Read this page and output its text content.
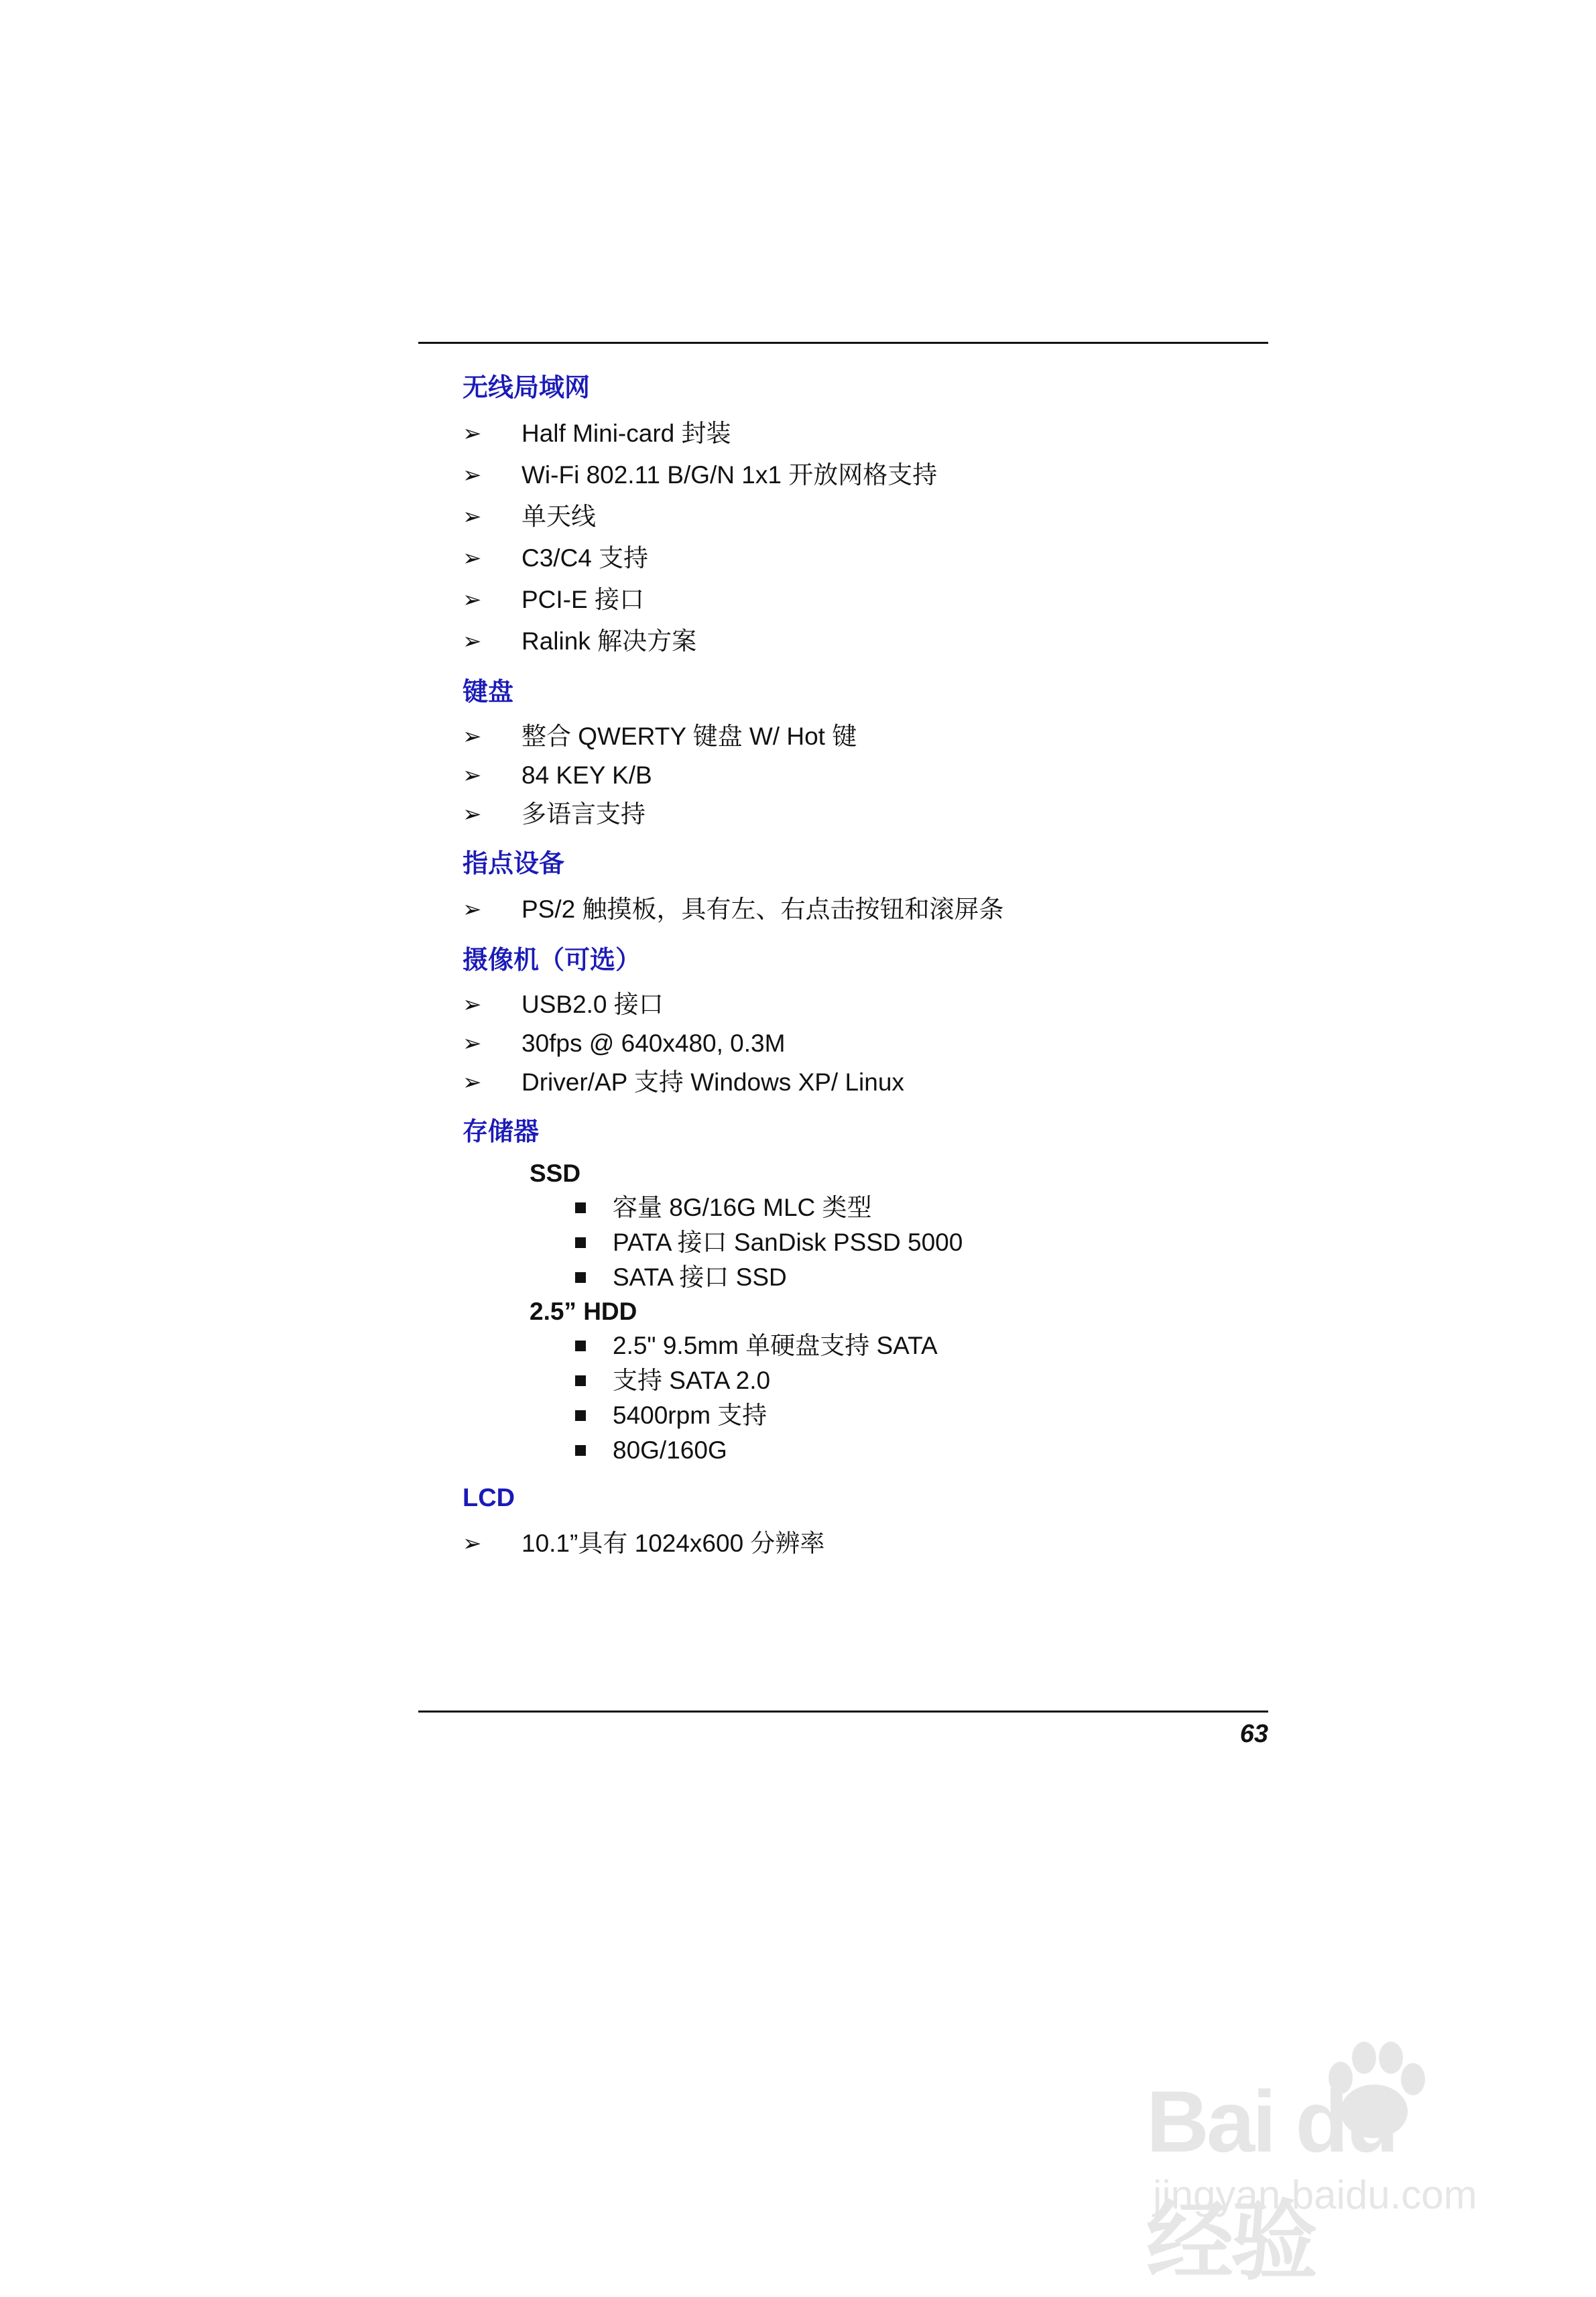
无线局域网
➢	Half Mini-card 封装
➢	Wi-Fi 802.11 B/G/N 1x1 开放网格支持
➢	单天线
➢	C3/C4 支持
➢	PCI-E 接口
➢	Ralink 解决方案
键盘
➢	整合 QWERTY 键盘 W/ Hot 键
➢	84 KEY K/B
➢	多语言支持
指点设备
➢	PS/2 触摸板，具有左、右点击按钮和滚屏条
摄像机（可选）
➢	USB2.0 接口
➢	30fps @ 640x480, 0.3M
➢	Driver/AP 支持 Windows XP/ Linux
存储器
SSD
容量 8G/16G MLC 类型
PATA 接口 SanDisk PSSD 5000
SATA 接口 SSD
2.5” HDD
2.5" 9.5mm 单硬盘支持 SATA
支持 SATA 2.0
5400rpm 支持
80G/160G
LCD
➢	10.1”具有 1024x600 分辨率
63
Bai du 经验
jingyan.baidu.com
